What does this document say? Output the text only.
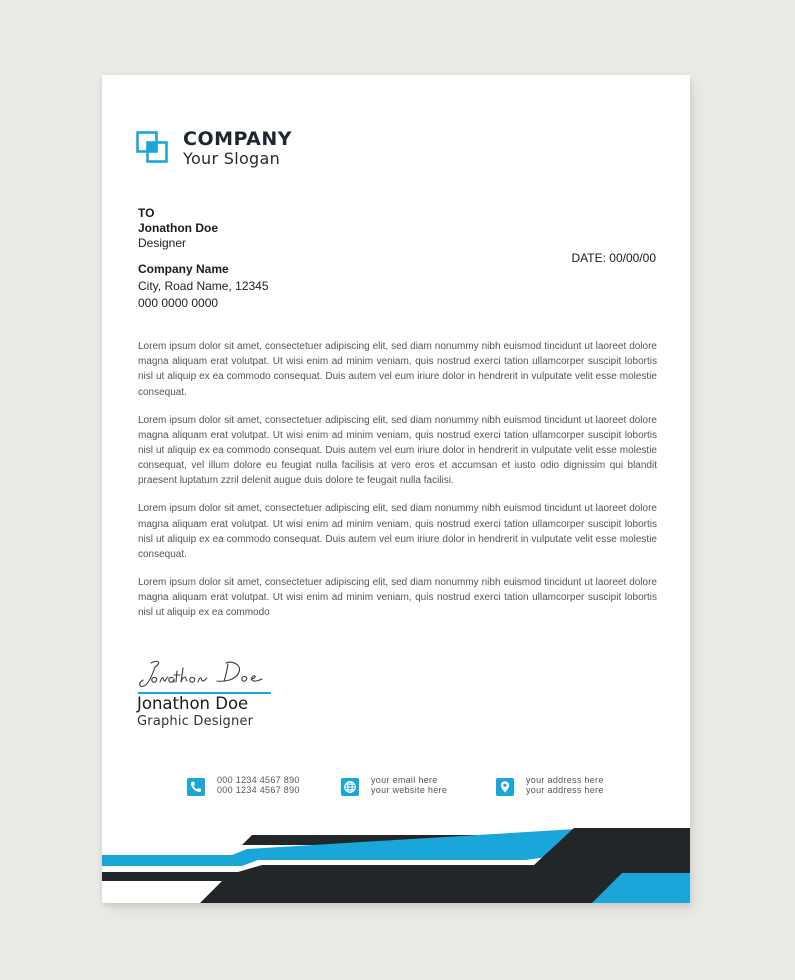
COMPANY
Your Slogan
TO
Jonathon Doe
Designer
Company Name
City, Road Name, 12345
000 0000 0000
DATE: 00/00/00

Lorem ipsum dolor sit amet, consectetuer adipiscing elit, sed diam nonummy nibh euismod tincidunt ut laoreet dolore magna aliquam erat volutpat. Ut wisi enim ad minim veniam, quis nostrud exerci tation ullamcorper suscipit lobortis nisl ut aliquip ex ea commodo consequat. Duis autem vel eum iriure dolor in hendrerit in vulputate velit esse molestie consequat.

Lorem ipsum dolor sit amet, consectetuer adipiscing elit, sed diam nonummy nibh euismod tincidunt ut laoreet dolore magna aliquam erat volutpat. Ut wisi enim ad minim veniam, quis nostrud exerci tation ullamcorper suscipit lobortis nisl ut aliquip ex ea commodo consequat. Duis autem vel eum iriure dolor in hendrerit in vulputate velit esse molestie consequat, vel illum dolore eu feugiat nulla facilisis at vero eros et accumsan et iusto odio dignissim qui blandit praesent luptatum zzril delenit augue duis dolore te feugait nulla facilisi.

Lorem ipsum dolor sit amet, consectetuer adipiscing elit, sed diam nonummy nibh euismod tincidunt ut laoreet dolore magna aliquam erat volutpat. Ut wisi enim ad minim veniam, quis nostrud exerci tation ullamcorper suscipit lobortis nisl ut aliquip ex ea commodo consequat. Duis autem vel eum iriure dolor in hendrerit in vulputate velit esse molestie consequat.

Lorem ipsum dolor sit amet, consectetuer adipiscing elit, sed diam nonummy nibh euismod tincidunt ut laoreet dolore magna aliquam erat volutpat. Ut wisi enim ad minim veniam, quis nostrud exerci tation ullamcorper suscipit lobortis nisl ut aliquip ex ea commodo

Jonathon Doe
Graphic Designer
000 1234 4567 890
000 1234 4567 890
your email here
your website here
your address here
your address here
